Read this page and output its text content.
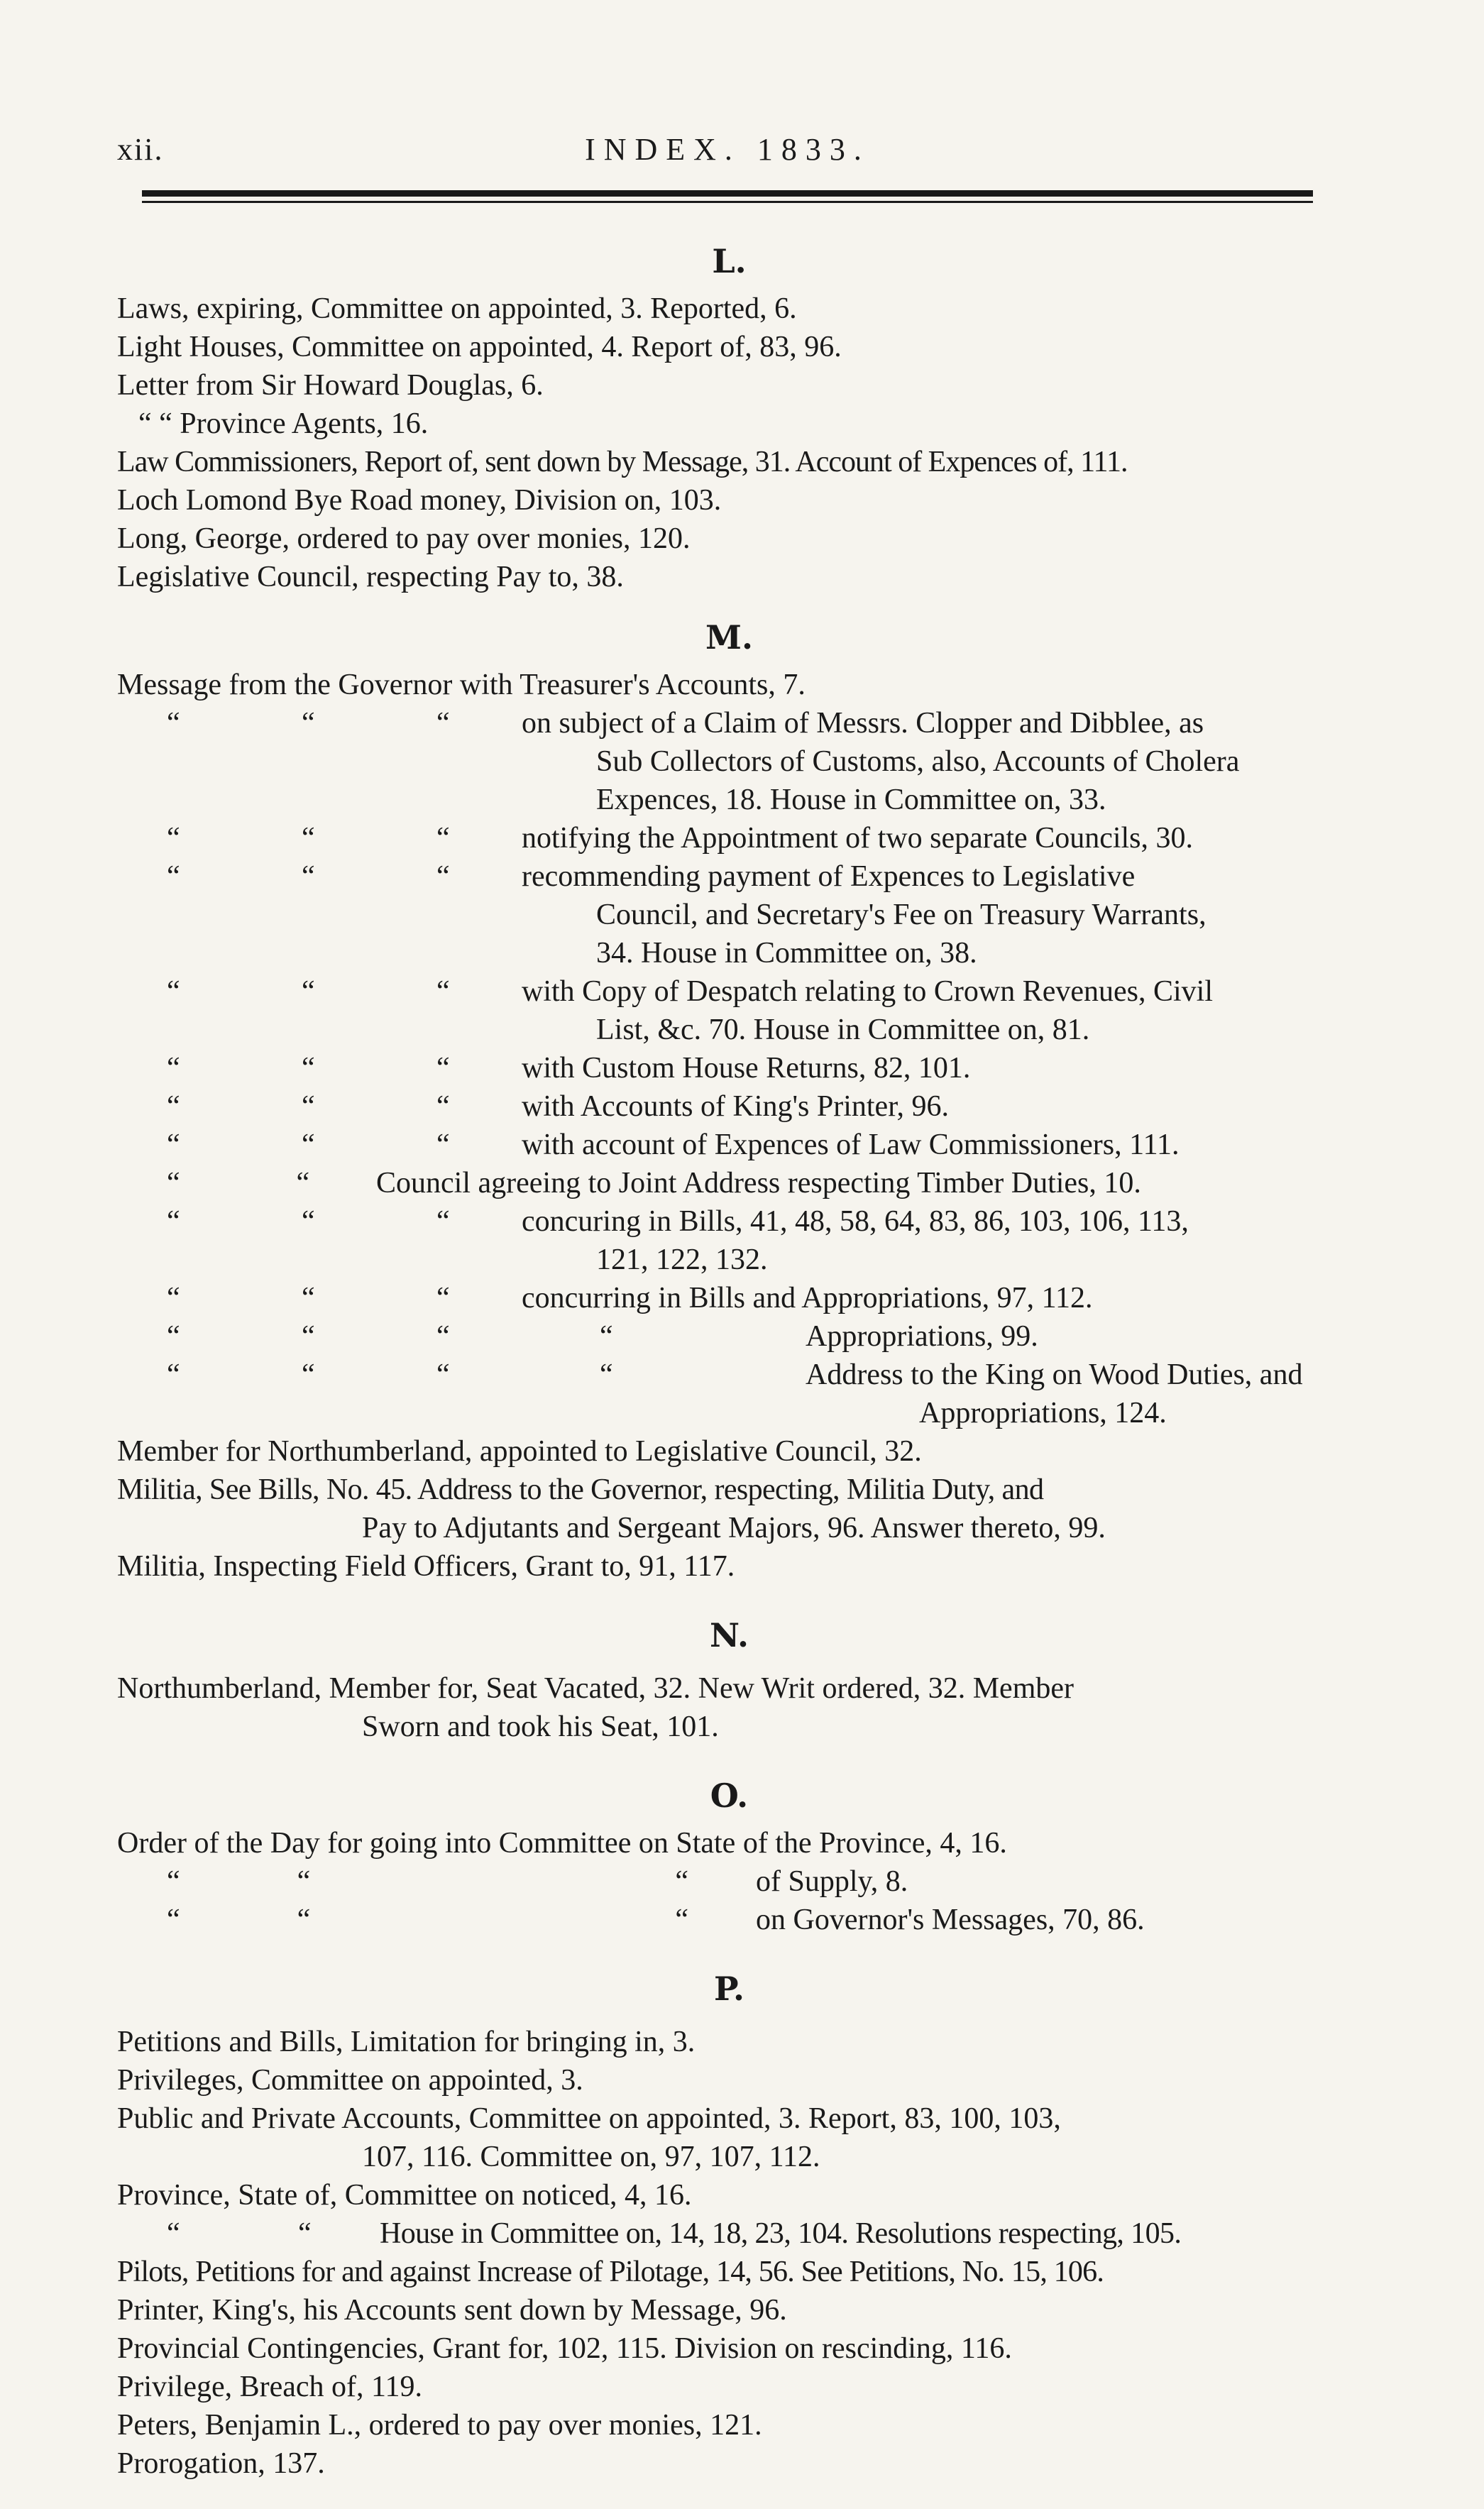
xii.	INDEX. 1833.
L.

Laws, expiring, Committee on appointed, 3. Reported, 6.

Light Houses, Committee on appointed, 4. Report of, 83, 96.

Letter from Sir Howard Douglas, 6.

“ “ Province Agents, 16.

Law Commissioners, Report of, sent down by Message, 31. Account of Expences of, 111.

Loch Lomond Bye Road money, Division on, 103.

Long, George, ordered to pay over monies, 120.

Legislative Council, respecting Pay to, 38.

M.

Message from the Governor with Treasurer's Accounts, 7.

“	“	“	on subject of a Claim of Messrs. Clopper and Dibblee, as

Sub Collectors of Customs, also, Accounts of Cholera

Expences, 18. House in Committee on, 33.

“	“	“	notifying the Appointment of two separate Councils, 30.
“	“	“	recommending payment of Expences to Legislative

Council, and Secretary's Fee on Treasury Warrants,

34. House in Committee on, 38.

“	“	“	with Copy of Despatch relating to Crown Revenues, Civil

List, &c. 70. House in Committee on, 81.

“	“	“	with Custom House Returns, 82, 101.
“	“	“	with Accounts of King's Printer, 96.
“	“	“	with account of Expences of Law Commissioners, 111.
“	“	Council agreeing to Joint Address respecting Timber Duties, 10.
“	“	“	concuring in Bills, 41, 48, 58, 64, 83, 86, 103, 106, 113,

121, 122, 132.

“	“	“	concurring in Bills and Appropriations, 97, 112.
“	“	“	“	Appropriations, 99.
“	“	“	“	Address to the King on Wood Duties, and

Appropriations, 124.

Member for Northumberland, appointed to Legislative Council, 32.

Militia, See Bills, No. 45. Address to the Governor, respecting, Militia Duty, and

Pay to Adjutants and Sergeant Majors, 96. Answer thereto, 99.

Militia, Inspecting Field Officers, Grant to, 91, 117.

N.

Northumberland, Member for, Seat Vacated, 32. New Writ ordered, 32. Member

Sworn and took his Seat, 101.

O.

Order of the Day for going into Committee on State of the Province, 4, 16.

“	“	“	of Supply, 8.
“	“	“	on Governor's Messages, 70, 86.
P.

Petitions and Bills, Limitation for bringing in, 3.

Privileges, Committee on appointed, 3.

Public and Private Accounts, Committee on appointed, 3. Report, 83, 100, 103,

107, 116. Committee on, 97, 107, 112.

Province, State of, Committee on noticed, 4, 16.

“	“	House in Committee on, 14, 18, 23, 104. Resolutions respecting, 105.

Pilots, Petitions for and against Increase of Pilotage, 14, 56. See Petitions, No. 15, 106.

Printer, King's, his Accounts sent down by Message, 96.

Provincial Contingencies, Grant for, 102, 115. Division on rescinding, 116.

Privilege, Breach of, 119.

Peters, Benjamin L., ordered to pay over monies, 121.

Prorogation, 137.
